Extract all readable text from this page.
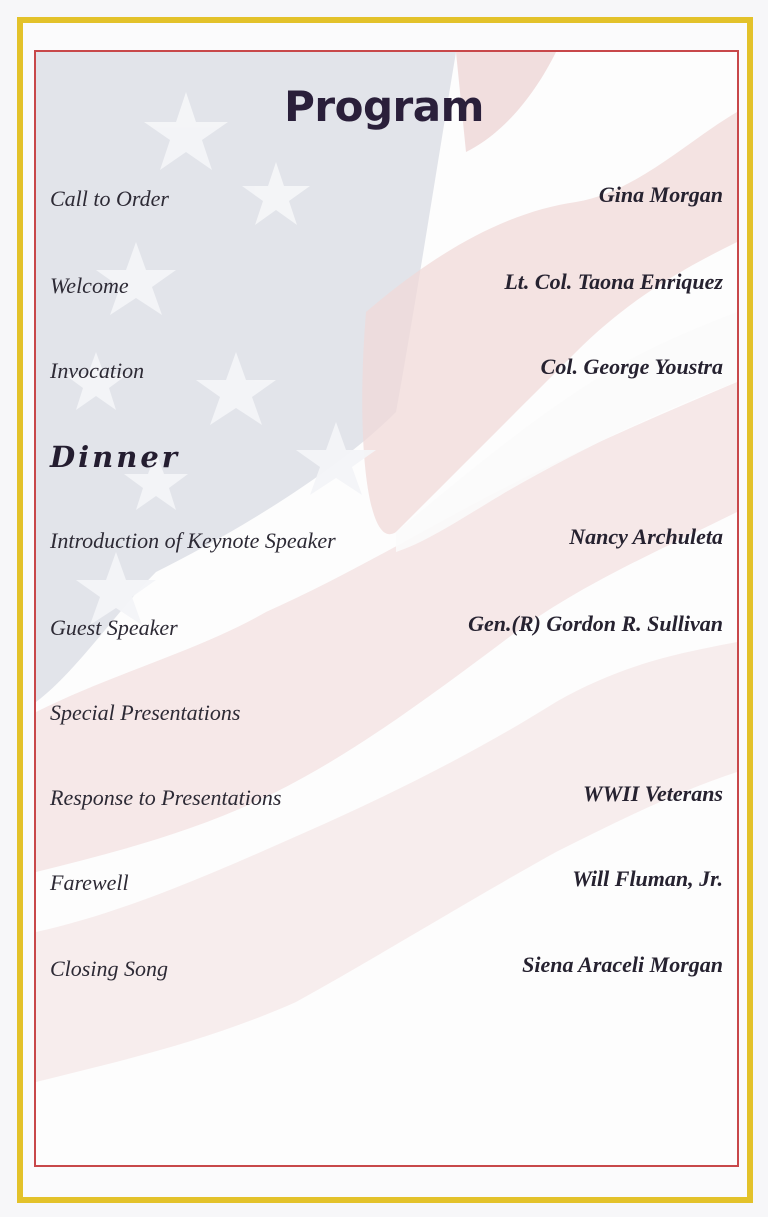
Program
Call to Order	Gina Morgan
Welcome	Lt. Col. Taona Enriquez
Invocation	Col. George Youstra
Dinner
Introduction of Keynote Speaker	Nancy Archuleta
Guest Speaker	Gen.(R) Gordon R. Sullivan
Special Presentations
Response to Presentations	WWII Veterans
Farewell	Will Fluman, Jr.
Closing Song	Siena Araceli Morgan
